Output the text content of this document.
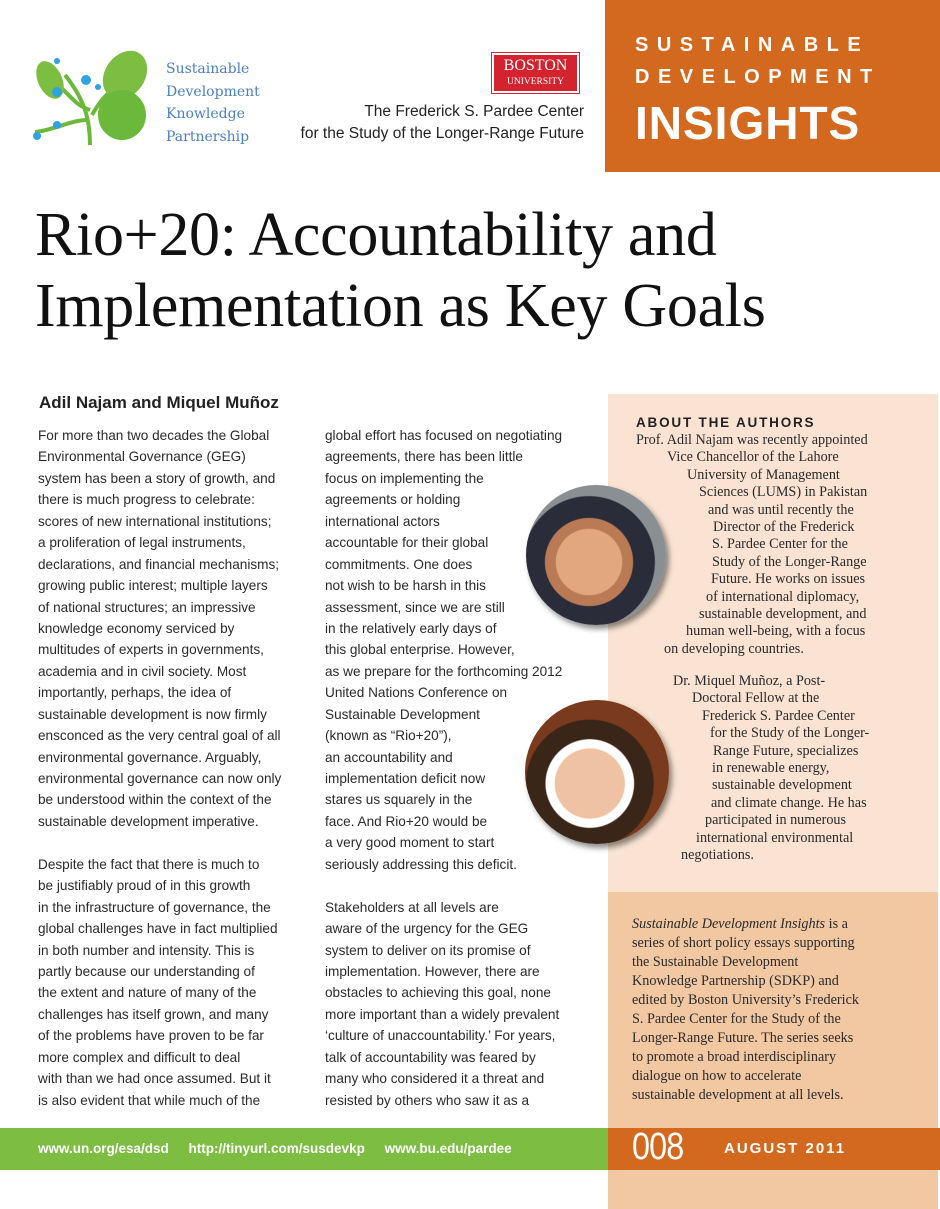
SUSTAINABLE
DEVELOPMENT
INSIGHTS
Sustainable
Development
Knowledge
Partnership
BOSTON
UNIVERSITY
The Frederick S. Pardee Center
for the Study of the Longer-Range Future
Rio+20: Accountability and
Implementation as Key Goals
Adil Najam and Miquel Muñoz
For more than two decades the Global
Environmental Governance (GEG)
system has been a story of growth, and
there is much progress to celebrate:
scores of new international institutions;
a proliferation of legal instruments,
declarations, and financial mechanisms;
growing public interest; multiple layers
of national structures; an impressive
knowledge economy serviced by
multitudes of experts in governments,
academia and in civil society. Most
importantly, perhaps, the idea of
sustainable development is now firmly
ensconced as the very central goal of all
environmental governance. Arguably,
environmental governance can now only
be understood within the context of the
sustainable development imperative.
Despite the fact that there is much to
be justifiably proud of in this growth
in the infrastructure of governance, the
global challenges have in fact multiplied
in both number and intensity. This is
partly because our understanding of
the extent and nature of many of the
challenges has itself grown, and many
of the problems have proven to be far
more complex and difficult to deal
with than we had once assumed. But it
is also evident that while much of the
global effort has focused on negotiating
agreements, there has been little
focus on implementing the
agreements or holding
international actors
accountable for their global
commitments. One does
not wish to be harsh in this
assessment, since we are still
in the relatively early days of
this global enterprise. However,
as we prepare for the forthcoming 2012
United Nations Conference on
Sustainable Development
(known as “Rio+20”),
an accountability and
implementation deficit now
stares us squarely in the
face. And Rio+20 would be
a very good moment to start
seriously addressing this deficit.
Stakeholders at all levels are
aware of the urgency for the GEG
system to deliver on its promise of
implementation. However, there are
obstacles to achieving this goal, none
more important than a widely prevalent
‘culture of unaccountability.’ For years,
talk of accountability was feared by
many who considered it a threat and
resisted by others who saw it as a
ABOUT THE AUTHORS
Prof. Adil Najam was recently appointed
Vice Chancellor of the Lahore
University of Management
Sciences (LUMS) in Pakistan
and was until recently the
Director of the Frederick
S. Pardee Center for the
Study of the Longer-Range
Future. He works on issues
of international diplomacy,
sustainable development, and
human well-being, with a focus
on developing countries.
Dr. Miquel Muñoz, a Post-
Doctoral Fellow at the
Frederick S. Pardee Center
for the Study of the Longer-
Range Future, specializes
in renewable energy,
sustainable development
and climate change. He has
participated in numerous
international environmental
negotiations.
Sustainable Development Insights is a
series of short policy essays supporting
the Sustainable Development
Knowledge Partnership (SDKP) and
edited by Boston University’s Frederick
S. Pardee Center for the Study of the
Longer-Range Future. The series seeks
to promote a broad interdisciplinary
dialogue on how to accelerate
sustainable development at all levels.
www.un.org/esa/dsd http://tinyurl.com/susdevkp www.bu.edu/pardee	008	AUGUST 2011
